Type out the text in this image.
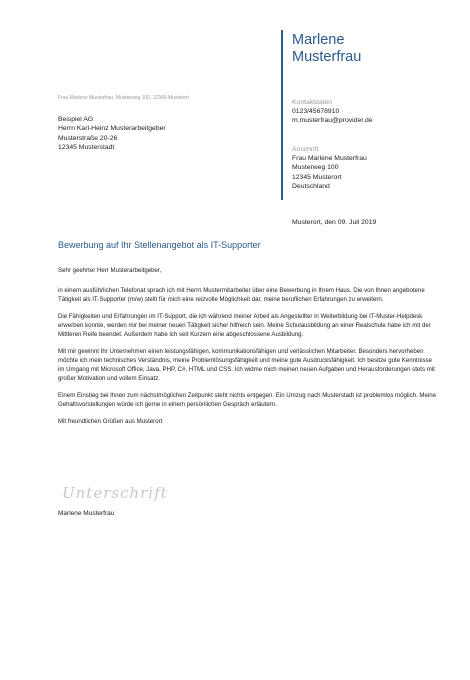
Marlene
Musterfrau
Frau Marlene Musterfrau, Musterweg 100, 12345 Musterort
Beispiel AG
Herrn Karl-Heinz Musterarbeitgeber
Musterstraße 20-26
12345 Musterstadt
Kontaktdaten
0123/45678910
m.musterfrau@provider.de
Anschrift
Frau Marlene Musterfrau
Musterweg 100
12345 Musterort
Deutschland
Musterort, den 09. Juli 2019
Bewerbung auf Ihr Stellenangebot als IT-Supporter

Sehr geehrter Herr Musterarbeitgeber,

in einem ausführlichen Telefonat sprach ich mit Herrn Mustermitarbeiter über eine Bewerbung in Ihrem Haus. Die von Ihnen angebotene Tätigkeit als IT-Supporter (m/w) stellt für mich eine reizvolle Möglichkeit dar, meine beruflichen Erfahrungen zu erweitern.

Die Fähigkeiten und Erfahrungen im IT-Support, die ich während meiner Arbeit als Angestellter in Weiterbildung bei IT-Muster-Helpdesk erwerben konnte, werden mir bei meiner neuen Tätigkeit sicher hilfreich sein. Meine Schulausbildung an einer Realschule habe ich mit der Mittleren Reife beendet. Außerdem habe ich seit Kurzem eine abgeschlossene Ausbildung.

Mit mir gewinnt Ihr Unternehmen einen leistungsfähigen, kommunikationsfähigen und verlässlichen Mitarbeiter. Besonders hervorheben möchte ich mein technisches Verständnis, meine Problemlösungsfähigkeit und meine gute Ausdrucksfähigkeit. Ich besitze gute Kenntnisse im Umgang mit Microsoft Office, Java, PHP, C#, HTML und CSS. Ich widme mich meinen neuen Aufgaben und Herausforderungen stets mit großer Motivation und vollem Einsatz.

Einem Einstieg bei Ihnen zum nächstmöglichen Zeitpunkt steht nichts entgegen. Ein Umzug nach Musterstadt ist problemlos möglich. Meine Gehaltsvorstellungen würde ich gerne in einem persönlichen Gespräch erläutern.

Mit freundlichen Grüßen aus Musterort

Unterschrift
Marlene Musterfrau
